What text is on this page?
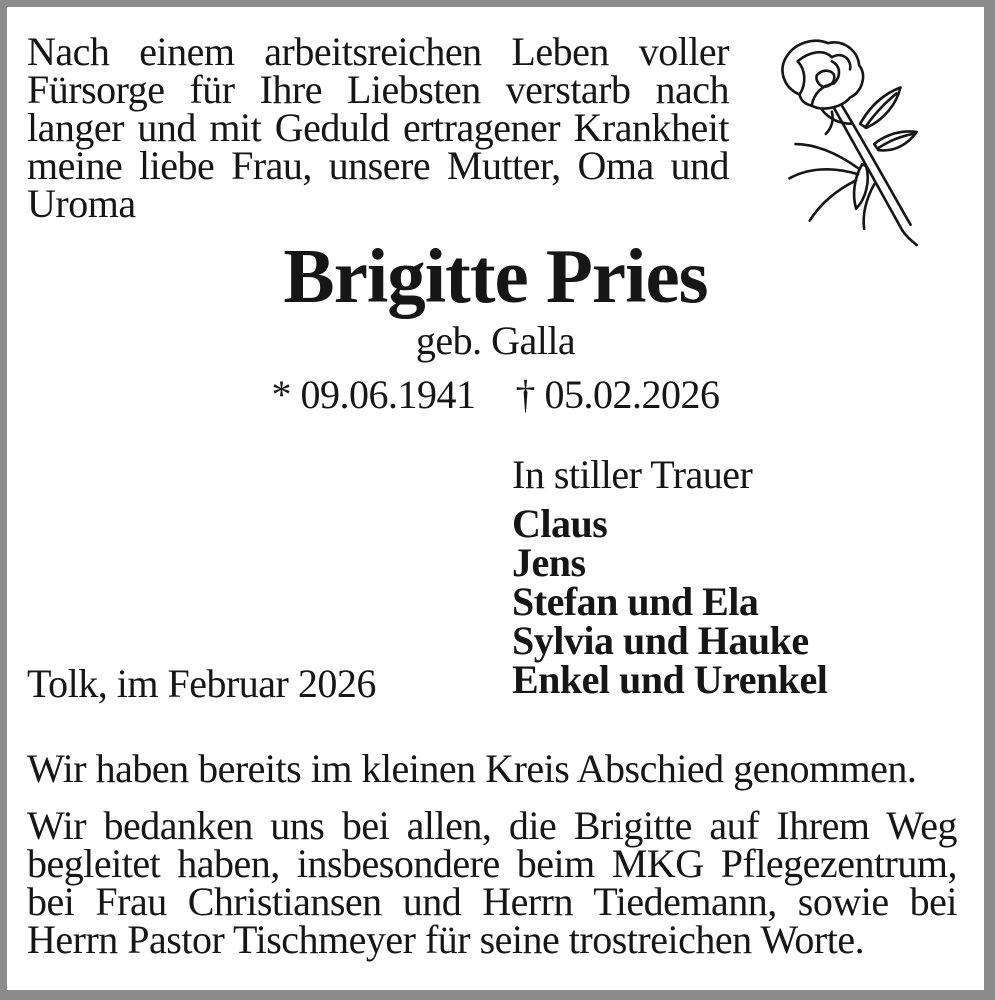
Nach einem arbeitsreichen Leben voller
Fürsorge für Ihre Liebsten verstarb nach
langer und mit Geduld ertragener Krankheit
meine liebe Frau, unsere Mutter, Oma und
Uroma
Brigitte Pries
geb. Galla
* 09.06.1941 † 05.02.2026
In stiller Trauer
Claus
Jens
Stefan und Ela
Sylvia und Hauke
Enkel und Urenkel
Tolk, im Februar 2026
Wir haben bereits im kleinen Kreis Abschied genommen.
Wir bedanken uns bei allen, die Brigitte auf Ihrem Weg
begleitet haben, insbesondere beim MKG Pflegezentrum,
bei Frau Christiansen und Herrn Tiedemann, sowie bei
Herrn Pastor Tischmeyer für seine trostreichen Worte.
